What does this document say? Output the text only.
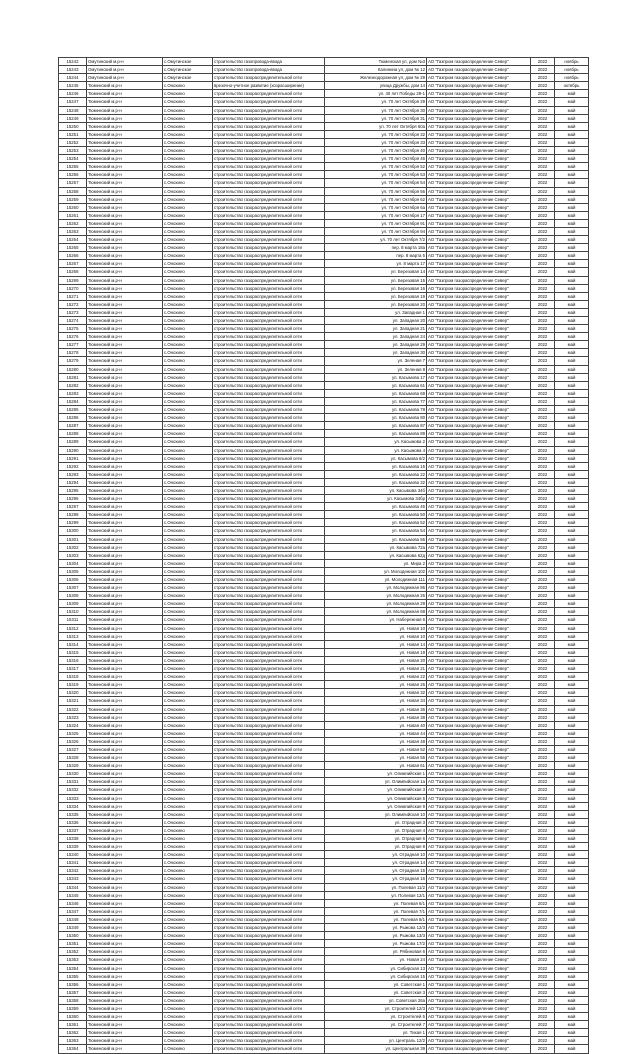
15242	Омутинский м.р-н	с.Омутинское	строительство газопровода-ввода	Тюменская ул, дом №3	АО "Газпром газораспределение Север"	2022	ноябрь
15243	Омутинский м.р-н	с.Омутинское	строительство газопровода-ввода	Калинина ул, дом № 12	АО "Газпром газораспределение Север"	2022	ноябрь
15244	Омутинский м.р-н	с.Омутинское	строительство газораспределительной сети	Железнодорожная ул, дом № 29	АО "Газпром газораспределение Север"	2022	ноябрь
15245	Тюменский м.р-н	с.Онохино	врезочно-учетное развитие (хозрасширение)	улица Дружбы, дом 14	АО "Газпром газораспределение Север"	2022	октябрь
15246	Тюменский м.р-н	с.Онохино	строительство газораспределительной сети	ул. 40 лет Победы 29-1	АО "Газпром газораспределение Север"	2022	май
15247	Тюменский м.р-н	с.Онохино	строительство газораспределительной сети	ул. 70 лет Октября 29	АО "Газпром газораспределение Север"	2022	май
15248	Тюменский м.р-н	с.Онохино	строительство газораспределительной сети	ул. 70 лет Октября 30	АО "Газпром газораспределение Север"	2022	май
15249	Тюменский м.р-н	с.Онохино	строительство газораспределительной сети	ул. 70 лет Октября 31	АО "Газпром газораспределение Север"	2022	май
15250	Тюменский м.р-н	с.Онохино	строительство газораспределительной сети	ул. 70 лет Октября 60а	АО "Газпром газораспределение Север"	2022	май
15251	Тюменский м.р-н	с.Онохино	строительство газораспределительной сети	ул. 70 лет Октября 32	АО "Газпром газораспределение Север"	2022	май
15252	Тюменский м.р-н	с.Онохино	строительство газораспределительной сети	ул. 70 лет Октября 33	АО "Газпром газораспределение Север"	2022	май
15253	Тюменский м.р-н	с.Онохино	строительство газораспределительной сети	ул. 70 лет Октября 40	АО "Газпром газораспределение Север"	2022	май
15254	Тюменский м.р-н	с.Онохино	строительство газораспределительной сети	ул. 70 лет Октября 46	АО "Газпром газораспределение Север"	2022	май
15255	Тюменский м.р-н	с.Онохино	строительство газораспределительной сети	ул. 70 лет Октября 52	АО "Газпром газораспределение Север"	2022	май
15256	Тюменский м.р-н	с.Онохино	строительство газораспределительной сети	ул. 70 лет Октября 53	АО "Газпром газораспределение Север"	2022	май
15257	Тюменский м.р-н	с.Онохино	строительство газораспределительной сети	ул. 70 лет Октября 54	АО "Газпром газораспределение Север"	2022	май
15258	Тюменский м.р-н	с.Онохино	строительство газораспределительной сети	ул. 70 лет Октября 56	АО "Газпром газораспределение Север"	2022	май
15259	Тюменский м.р-н	с.Онохино	строительство газораспределительной сети	ул. 70 лет Октября 62	АО "Газпром газораспределение Север"	2022	май
15260	Тюменский м.р-н	с.Онохино	строительство газораспределительной сети	ул. 70 лет Октября 6а	АО "Газпром газораспределение Север"	2022	май
15261	Тюменский м.р-н	с.Онохино	строительство газораспределительной сети	ул. 70 лет Октября 17	АО "Газпром газораспределение Север"	2022	май
15262	Тюменский м.р-н	с.Онохино	строительство газораспределительной сети	ул. 70 лет Октября 91	АО "Газпром газораспределение Север"	2022	май
15263	Тюменский м.р-н	с.Онохино	строительство газораспределительной сети	ул. 70 лет Октября 94	АО "Газпром газораспределение Север"	2022	май
15264	Тюменский м.р-н	с.Онохино	строительство газораспределительной сети	ул. 70 лет Октября 7/2	АО "Газпром газораспределение Север"	2022	май
15265	Тюменский м.р-н	с.Онохино	строительство газораспределительной сети	пер. 8 марта 18а	АО "Газпром газораспределение Север"	2022	май
15266	Тюменский м.р-н	с.Онохино	строительство газораспределительной сети	пер. 8 марта 5	АО "Газпром газораспределение Север"	2022	май
15267	Тюменский м.р-н	с.Онохино	строительство газораспределительной сети	ул. 8 марта 17	АО "Газпром газораспределение Север"	2022	май
15268	Тюменский м.р-н	с.Онохино	строительство газораспределительной сети	ул. Березовая 14	АО "Газпром газораспределение Север"	2022	май
15269	Тюменский м.р-н	с.Онохино	строительство газораспределительной сети	ул. Березовая 15	АО "Газпром газораспределение Север"	2022	май
15270	Тюменский м.р-н	с.Онохино	строительство газораспределительной сети	ул. Березовая 16	АО "Газпром газораспределение Север"	2022	май
15271	Тюменский м.р-н	с.Онохино	строительство газораспределительной сети	ул. Березовая 19	АО "Газпром газораспределение Север"	2022	май
15272	Тюменский м.р-н	с.Онохино	строительство газораспределительной сети	ул. Березовая 20	АО "Газпром газораспределение Север"	2022	май
15273	Тюменский м.р-н	с.Онохино	строительство газораспределительной сети	ул. Западная 1	АО "Газпром газораспределение Север"	2022	май
15274	Тюменский м.р-н	с.Онохино	строительство газораспределительной сети	ул. Западная 20	АО "Газпром газораспределение Север"	2022	май
15275	Тюменский м.р-н	с.Онохино	строительство газораспределительной сети	ул. Западная 21	АО "Газпром газораспределение Север"	2022	май
15276	Тюменский м.р-н	с.Онохино	строительство газораспределительной сети	ул. Западная 24	АО "Газпром газораспределение Север"	2022	май
15277	Тюменский м.р-н	с.Онохино	строительство газораспределительной сети	ул. Западная 29	АО "Газпром газораспределение Север"	2022	май
15278	Тюменский м.р-н	с.Онохино	строительство газораспределительной сети	ул. Западная 30	АО "Газпром газораспределение Север"	2022	май
15279	Тюменский м.р-н	с.Онохино	строительство газораспределительной сети	ул. Зеленая 7	АО "Газпром газораспределение Север"	2022	май
15280	Тюменский м.р-н	с.Онохино	строительство газораспределительной сети	ул. Зеленая 8	АО "Газпром газораспределение Север"	2022	май
15281	Тюменский м.р-н	с.Онохино	строительство газораспределительной сети	ул. Касымова 17	АО "Газпром газораспределение Север"	2022	май
15282	Тюменский м.р-н	с.Онохино	строительство газораспределительной сети	ул. Касымова 61	АО "Газпром газораспределение Север"	2022	май
15283	Тюменский м.р-н	с.Онохино	строительство газораспределительной сети	ул. Касымова 69	АО "Газпром газораспределение Север"	2022	май
15284	Тюменский м.р-н	с.Онохино	строительство газораспределительной сети	ул. Касымова 77	АО "Газпром газораспределение Север"	2022	май
15285	Тюменский м.р-н	с.Онохино	строительство газораспределительной сети	ул. Касымова 78	АО "Газпром газораспределение Север"	2022	май
15286	Тюменский м.р-н	с.Онохино	строительство газораспределительной сети	ул. Касымова 80	АО "Газпром газораспределение Север"	2022	май
15287	Тюменский м.р-н	с.Онохино	строительство газораспределительной сети	ул. Касымова 87	АО "Газпром газораспределение Север"	2022	май
15288	Тюменский м.р-н	с.Онохино	строительство газораспределительной сети	ул. Касымова 89	АО "Газпром газораспределение Север"	2022	май
15289	Тюменский м.р-н	с.Онохино	строительство газораспределительной сети	ул. Касымова 2	АО "Газпром газораспределение Север"	2022	май
15290	Тюменский м.р-н	с.Онохино	строительство газораспределительной сети	ул. Касымова 4	АО "Газпром газораспределение Север"	2022	май
15291	Тюменский м.р-н	с.Онохино	строительство газораспределительной сети	ул. Касымова 6/2	АО "Газпром газораспределение Север"	2022	май
15292	Тюменский м.р-н	с.Онохино	строительство газораспределительной сети	ул. Касымова 15	АО "Газпром газораспределение Север"	2022	май
15293	Тюменский м.р-н	с.Онохино	строительство газораспределительной сети	ул. Касымова 22	АО "Газпром газораспределение Север"	2022	май
15294	Тюменский м.р-н	с.Онохино	строительство газораспределительной сети	ул. Касымова 32	АО "Газпром газораспределение Север"	2022	май
15295	Тюменский м.р-н	с.Онохино	строительство газораспределительной сети	ул. Касымова 34б	АО "Газпром газораспределение Север"	2022	май
15296	Тюменский м.р-н	с.Онохино	строительство газораспределительной сети	ул. Касымова 34бр	АО "Газпром газораспределение Север"	2022	май
15297	Тюменский м.р-н	с.Онохино	строительство газораспределительной сети	ул. Касымова 46	АО "Газпром газораспределение Север"	2022	май
15298	Тюменский м.р-н	с.Онохино	строительство газораспределительной сети	ул. Касымова 50	АО "Газпром газораспределение Север"	2022	май
15299	Тюменский м.р-н	с.Онохино	строительство газораспределительной сети	ул. Касымова 52	АО "Газпром газораспределение Север"	2022	май
15300	Тюменский м.р-н	с.Онохино	строительство газораспределительной сети	ул. Касымова 54	АО "Газпром газораспределение Север"	2022	май
15301	Тюменский м.р-н	с.Онохино	строительство газораспределительной сети	ул. Касымова 55	АО "Газпром газораспределение Север"	2022	май
15302	Тюменский м.р-н	с.Онохино	строительство газораспределительной сети	ул. Касымова 72а	АО "Газпром газораспределение Север"	2022	май
15303	Тюменский м.р-н	с.Онохино	строительство газораспределительной сети	ул. Касымова 62д	АО "Газпром газораспределение Север"	2022	май
15304	Тюменский м.р-н	с.Онохино	строительство газораспределительной сети	ул. Мира 2	АО "Газпром газораспределение Север"	2022	май
15305	Тюменский м.р-н	с.Онохино	строительство газораспределительной сети	ул. Молодежная 102	АО "Газпром газораспределение Север"	2022	май
15306	Тюменский м.р-н	с.Онохино	строительство газораспределительной сети	ул. Молодежная 111	АО "Газпром газораспределение Север"	2022	май
15307	Тюменский м.р-н	с.Онохино	строительство газораспределительной сети	ул. Молодежная 86	АО "Газпром газораспределение Север"	2022	май
15308	Тюменский м.р-н	с.Онохино	строительство газораспределительной сети	ул. Молодежная 26	АО "Газпром газораспределение Север"	2022	май
15309	Тюменский м.р-н	с.Онохино	строительство газораспределительной сети	ул. Молодежная 29	АО "Газпром газораспределение Север"	2022	май
15310	Тюменский м.р-н	с.Онохино	строительство газораспределительной сети	ул. Молодежная 68	АО "Газпром газораспределение Север"	2022	май
15311	Тюменский м.р-н	с.Онохино	строительство газораспределительной сети	ул. Набережная 6	АО "Газпром газораспределение Север"	2022	май
15312	Тюменский м.р-н	с.Онохино	строительство газораспределительной сети	ул. Новая 10	АО "Газпром газораспределение Север"	2022	май
15313	Тюменский м.р-н	с.Онохино	строительство газораспределительной сети	ул. Новая 10	АО "Газпром газораспределение Север"	2022	май
15314	Тюменский м.р-н	с.Онохино	строительство газораспределительной сети	ул. Новая 14	АО "Газпром газораспределение Север"	2022	май
15315	Тюменский м.р-н	с.Онохино	строительство газораспределительной сети	ул. Новая 19	АО "Газпром газораспределение Север"	2022	май
15316	Тюменский м.р-н	с.Онохино	строительство газораспределительной сети	ул. Новая 20	АО "Газпром газораспределение Север"	2022	май
15317	Тюменский м.р-н	с.Онохино	строительство газораспределительной сети	ул. Новая 21	АО "Газпром газораспределение Север"	2022	май
15318	Тюменский м.р-н	с.Онохино	строительство газораспределительной сети	ул. Новая 22	АО "Газпром газораспределение Север"	2022	май
15319	Тюменский м.р-н	с.Онохино	строительство газораспределительной сети	ул. Новая 26	АО "Газпром газораспределение Север"	2022	май
15320	Тюменский м.р-н	с.Онохино	строительство газораспределительной сети	ул. Новая 32	АО "Газпром газораспределение Север"	2022	май
15321	Тюменский м.р-н	с.Онохино	строительство газораспределительной сети	ул. Новая 34	АО "Газпром газораспределение Север"	2022	май
15322	Тюменский м.р-н	с.Онохино	строительство газораспределительной сети	ул. Новая 36	АО "Газпром газораспределение Север"	2022	май
15323	Тюменский м.р-н	с.Онохино	строительство газораспределительной сети	ул. Новая 38	АО "Газпром газораспределение Север"	2022	май
15324	Тюменский м.р-н	с.Онохино	строительство газораспределительной сети	ул. Новая 40	АО "Газпром газораспределение Север"	2022	май
15325	Тюменский м.р-н	с.Онохино	строительство газораспределительной сети	ул. Новая 44	АО "Газпром газораспределение Север"	2022	май
15326	Тюменский м.р-н	с.Онохино	строительство газораспределительной сети	ул. Новая 48	АО "Газпром газораспределение Север"	2022	май
15327	Тюменский м.р-н	с.Онохино	строительство газораспределительной сети	ул. Новая 52	АО "Газпром газораспределение Север"	2022	май
15328	Тюменский м.р-н	с.Онохино	строительство газораспределительной сети	ул. Новая 55	АО "Газпром газораспределение Север"	2022	май
15329	Тюменский м.р-н	с.Онохино	строительство газораспределительной сети	ул. Новая 61	АО "Газпром газораспределение Север"	2022	май
15330	Тюменский м.р-н	с.Онохино	строительство газораспределительной сети	ул. Олимпийская 1	АО "Газпром газораспределение Север"	2022	май
15331	Тюменский м.р-н	с.Онохино	строительство газораспределительной сети	ул. Олимпийская 1а	АО "Газпром газораспределение Север"	2022	май
15332	Тюменский м.р-н	с.Онохино	строительство газораспределительной сети	ул. Олимпийская 3	АО "Газпром газораспределение Север"	2022	май
15333	Тюменский м.р-н	с.Онохино	строительство газораспределительной сети	ул. Олимпийская 5	АО "Газпром газораспределение Север"	2022	май
15334	Тюменский м.р-н	с.Онохино	строительство газораспределительной сети	ул. Олимпийская 9	АО "Газпром газораспределение Север"	2022	май
15335	Тюменский м.р-н	с.Онохино	строительство газораспределительной сети	ул. Олимпийская 10	АО "Газпром газораспределение Север"	2022	май
15336	Тюменский м.р-н	с.Онохино	строительство газораспределительной сети	ул. Отрадная 3	АО "Газпром газораспределение Север"	2022	май
15337	Тюменский м.р-н	с.Онохино	строительство газораспределительной сети	ул. Отрадная 4	АО "Газпром газораспределение Север"	2022	май
15338	Тюменский м.р-н	с.Онохино	строительство газораспределительной сети	ул. Отрадная 6	АО "Газпром газораспределение Север"	2022	май
15339	Тюменский м.р-н	с.Онохино	строительство газораспределительной сети	ул. Отрадная 8	АО "Газпром газораспределение Север"	2022	май
15340	Тюменский м.р-н	с.Онохино	строительство газораспределительной сети	ул. Отрадная 10	АО "Газпром газораспределение Север"	2022	май
15341	Тюменский м.р-н	с.Онохино	строительство газораспределительной сети	ул. Отрадная 14	АО "Газпром газораспределение Север"	2022	май
15342	Тюменский м.р-н	с.Онохино	строительство газораспределительной сети	ул. Отрадная 15	АО "Газпром газораспределение Север"	2022	май
15343	Тюменский м.р-н	с.Онохино	строительство газораспределительной сети	ул. Отрадная 16	АО "Газпром газораспределение Север"	2022	май
15344	Тюменский м.р-н	с.Онохино	строительство газораспределительной сети	ул. Полевая 11/2	АО "Газпром газораспределение Север"	2022	май
15345	Тюменский м.р-н	с.Онохино	строительство газораспределительной сети	ул. Полевая 12/1	АО "Газпром газораспределение Север"	2022	май
15346	Тюменский м.р-н	с.Онохино	строительство газораспределительной сети	ул. Полевая 6/1	АО "Газпром газораспределение Север"	2022	май
15347	Тюменский м.р-н	с.Онохино	строительство газораспределительной сети	ул. Полевая 7/1	АО "Газпром газораспределение Север"	2022	май
15348	Тюменский м.р-н	с.Онохино	строительство газораспределительной сети	ул. Полевая 8/1	АО "Газпром газораспределение Север"	2022	май
15349	Тюменский м.р-н	с.Онохино	строительство газораспределительной сети	ул. Рыжова 12/3	АО "Газпром газораспределение Север"	2022	май
15350	Тюменский м.р-н	с.Онохино	строительство газораспределительной сети	ул. Рыжова 13/3	АО "Газпром газораспределение Север"	2022	май
15351	Тюменский м.р-н	с.Онохино	строительство газораспределительной сети	ул. Рыжова 17/2	АО "Газпром газораспределение Север"	2022	май
15352	Тюменский м.р-н	с.Онохино	строительство газораспределительной сети	ул. Рябиновая 6	АО "Газпром газораспределение Север"	2022	май
15353	Тюменский м.р-н	с.Онохино	строительство газораспределительной сети	ул. Новая 24	АО "Газпром газораспределение Север"	2022	май
15354	Тюменский м.р-н	с.Онохино	строительство газораспределительной сети	ул. Сибирская 13	АО "Газпром газораспределение Север"	2022	май
15355	Тюменский м.р-н	с.Онохино	строительство газораспределительной сети	ул. Сибирская 15	АО "Газпром газораспределение Север"	2022	май
15356	Тюменский м.р-н	с.Онохино	строительство газораспределительной сети	ул. Советская 1	АО "Газпром газораспределение Север"	2022	май
15357	Тюменский м.р-н	с.Онохино	строительство газораспределительной сети	ул. Советская 3	АО "Газпром газораспределение Север"	2022	май
15358	Тюменский м.р-н	с.Онохино	строительство газораспределительной сети	ул. Советская 26а	АО "Газпром газораспределение Север"	2022	май
15359	Тюменский м.р-н	с.Онохино	строительство газораспределительной сети	ул. Строителей 12/3	АО "Газпром газораспределение Север"	2022	май
15360	Тюменский м.р-н	с.Онохино	строительство газораспределительной сети	ул. Строителей 5	АО "Газпром газораспределение Север"	2022	май
15361	Тюменский м.р-н	с.Онохино	строительство газораспределительной сети	ул. Строителей 7	АО "Газпром газораспределение Север"	2022	май
15362	Тюменский м.р-н	с.Онохино	строительство газораспределительной сети	ул. Тихая 1	АО "Газпром газораспределение Север"	2022	май
15363	Тюменский м.р-н	с.Онохино	строительство газораспределительной сети	ул. Централь 12/2	АО "Газпром газораспределение Север"	2022	май
15364	Тюменский м.р-н	с.Онохино	строительство газораспределительной сети	ул. Центральная 39	АО "Газпром газораспределение Север"	2022	май
